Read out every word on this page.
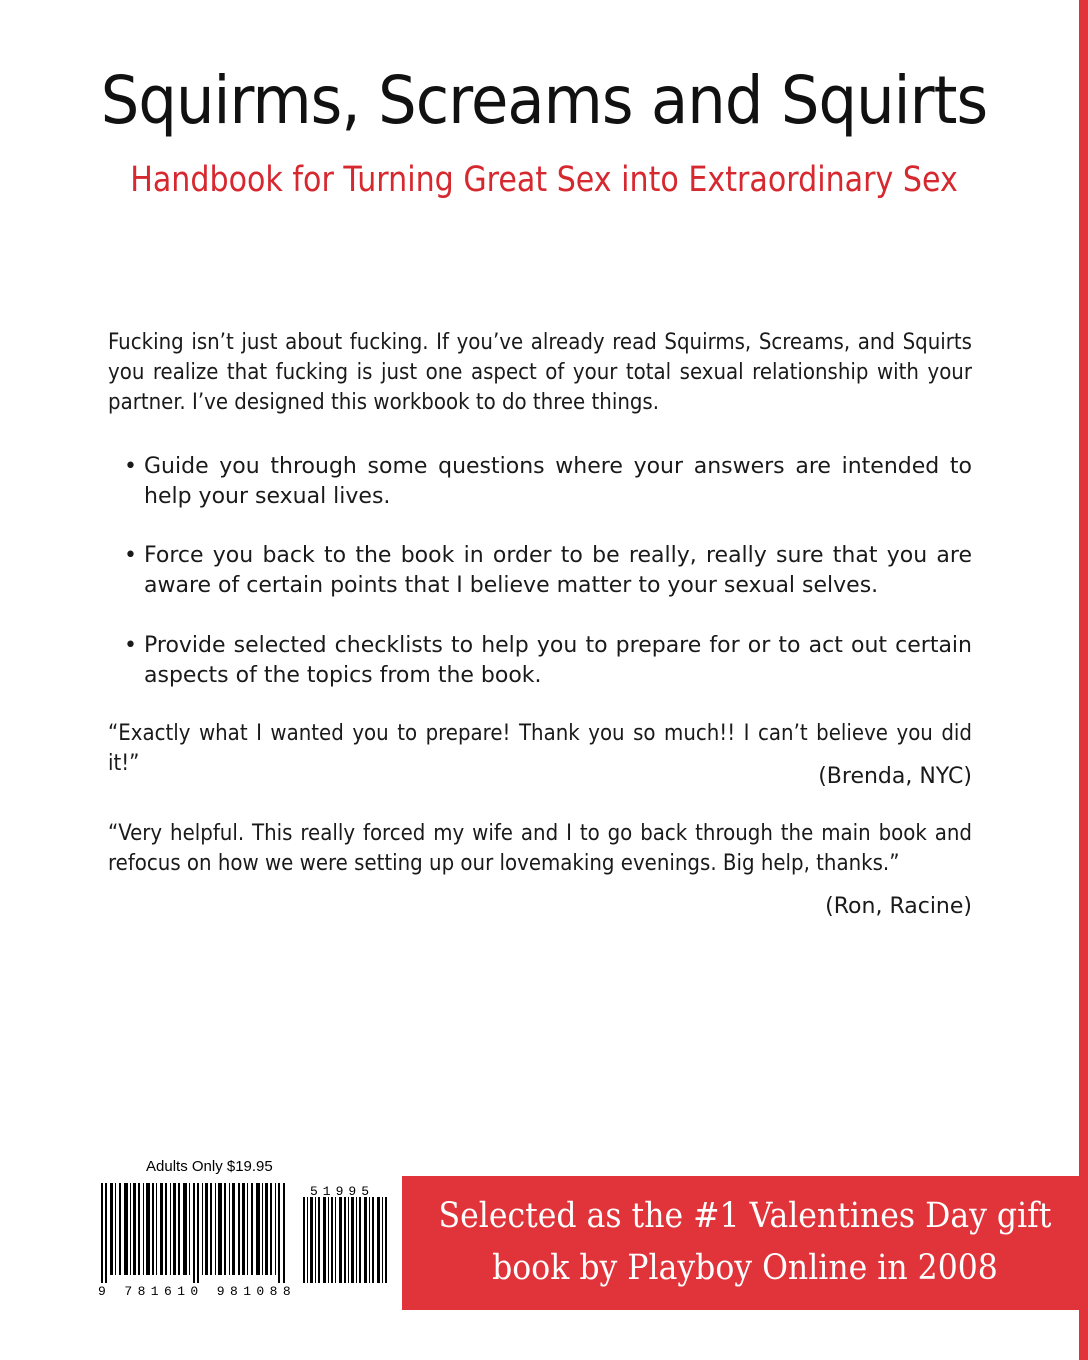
Squirms, Screams and Squirts
Handbook for Turning Great Sex into Extraordinary Sex
Fucking isn’t just about fucking. If you’ve already read Squirms, Screams, and Squirts you realize that fucking is just one aspect of your total sexual relationship with your partner. I’ve designed this workbook to do three things.
• Guide you through some questions where your answers are intended to help your sexual lives.
• Force you back to the book in order to be really, really sure that you are aware of certain points that I believe matter to your sexual selves.
• Provide selected checklists to help you to prepare for or to act out certain aspects of the topics from the book.
“Exactly what I wanted you to prepare! Thank you so much!! I can’t believe you did it!”
(Brenda, NYC)
“Very helpful. This really forced my wife and I to go back through the main book and refocus on how we were setting up our lovemaking evenings. Big help, thanks.”
(Ron, Racine)
Adults Only $19.95
9 781610 981088
51995
Selected as the #1 Valentines Day gift
book by Playboy Online in 2008
